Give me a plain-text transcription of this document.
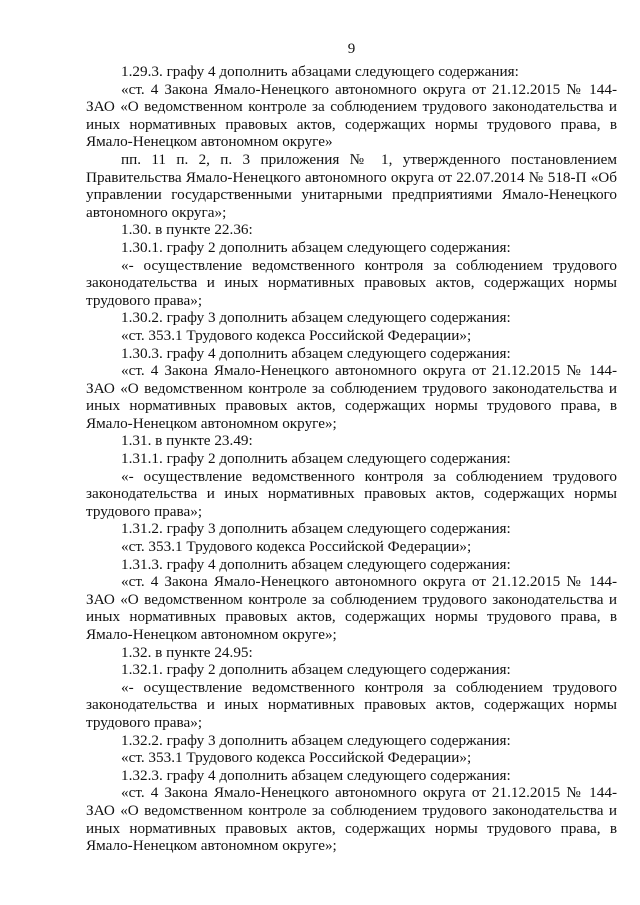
9

1.29.3. графу 4 дополнить абзацами следующего содержания:

«ст. 4 Закона Ямало-Ненецкого автономного округа от 21.12.2015 № 144-ЗАО «О ведомственном контроле за соблюдением трудового законодательства и иных нормативных правовых актов, содержащих нормы трудового права, в Ямало-Ненецком автономном округе»

пп. 11 п. 2, п. 3 приложения № 1, утвержденного постановлением Правительства Ямало-Ненецкого автономного округа от 22.07.2014 № 518-П «Об управлении государственными унитарными предприятиями Ямало-Ненецкого автономного округа»;

1.30. в пункте 22.36:

1.30.1. графу 2 дополнить абзацем следующего содержания:

«- осуществление ведомственного контроля за соблюдением трудового законодательства и иных нормативных правовых актов, содержащих нормы трудового права»;

1.30.2. графу 3 дополнить абзацем следующего содержания:

«ст. 353.1 Трудового кодекса Российской Федерации»;

1.30.3. графу 4 дополнить абзацем следующего содержания:

«ст. 4 Закона Ямало-Ненецкого автономного округа от 21.12.2015 № 144-ЗАО «О ведомственном контроле за соблюдением трудового законодательства и иных нормативных правовых актов, содержащих нормы трудового права, в Ямало-Ненецком автономном округе»;

1.31. в пункте 23.49:

1.31.1. графу 2 дополнить абзацем следующего содержания:

«- осуществление ведомственного контроля за соблюдением трудового законодательства и иных нормативных правовых актов, содержащих нормы трудового права»;

1.31.2. графу 3 дополнить абзацем следующего содержания:

«ст. 353.1 Трудового кодекса Российской Федерации»;

1.31.3. графу 4 дополнить абзацем следующего содержания:

«ст. 4 Закона Ямало-Ненецкого автономного округа от 21.12.2015 № 144-ЗАО «О ведомственном контроле за соблюдением трудового законодательства и иных нормативных правовых актов, содержащих нормы трудового права, в Ямало-Ненецком автономном округе»;

1.32. в пункте 24.95:

1.32.1. графу 2 дополнить абзацем следующего содержания:

«- осуществление ведомственного контроля за соблюдением трудового законодательства и иных нормативных правовых актов, содержащих нормы трудового права»;

1.32.2. графу 3 дополнить абзацем следующего содержания:

«ст. 353.1 Трудового кодекса Российской Федерации»;

1.32.3. графу 4 дополнить абзацем следующего содержания:

«ст. 4 Закона Ямало-Ненецкого автономного округа от 21.12.2015 № 144-ЗАО «О ведомственном контроле за соблюдением трудового законодательства и иных нормативных правовых актов, содержащих нормы трудового права, в Ямало-Ненецком автономном округе»;
